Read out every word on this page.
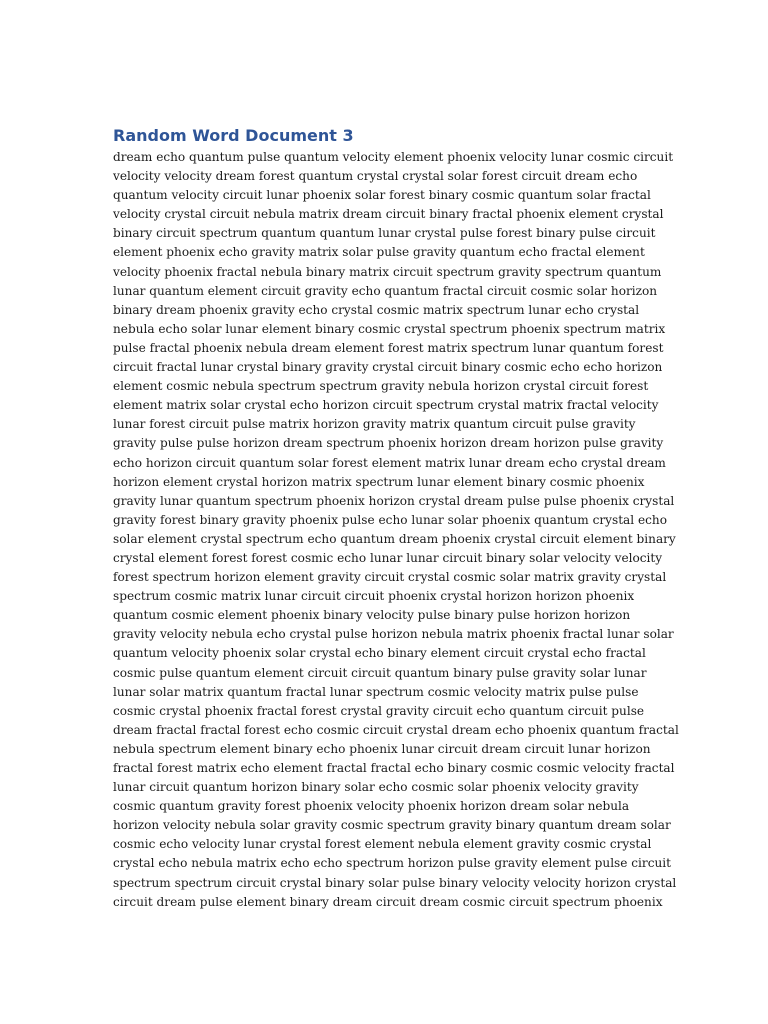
Random Word Document 3
dream echo quantum pulse quantum velocity element phoenix velocity lunar cosmic circuit
velocity velocity dream forest quantum crystal crystal solar forest circuit dream echo
quantum velocity circuit lunar phoenix solar forest binary cosmic quantum solar fractal
velocity crystal circuit nebula matrix dream circuit binary fractal phoenix element crystal
binary circuit spectrum quantum quantum lunar crystal pulse forest binary pulse circuit
element phoenix echo gravity matrix solar pulse gravity quantum echo fractal element
velocity phoenix fractal nebula binary matrix circuit spectrum gravity spectrum quantum
lunar quantum element circuit gravity echo quantum fractal circuit cosmic solar horizon
binary dream phoenix gravity echo crystal cosmic matrix spectrum lunar echo crystal
nebula echo solar lunar element binary cosmic crystal spectrum phoenix spectrum matrix
pulse fractal phoenix nebula dream element forest matrix spectrum lunar quantum forest
circuit fractal lunar crystal binary gravity crystal circuit binary cosmic echo echo horizon
element cosmic nebula spectrum spectrum gravity nebula horizon crystal circuit forest
element matrix solar crystal echo horizon circuit spectrum crystal matrix fractal velocity
lunar forest circuit pulse matrix horizon gravity matrix quantum circuit pulse gravity
gravity pulse pulse horizon dream spectrum phoenix horizon dream horizon pulse gravity
echo horizon circuit quantum solar forest element matrix lunar dream echo crystal dream
horizon element crystal horizon matrix spectrum lunar element binary cosmic phoenix
gravity lunar quantum spectrum phoenix horizon crystal dream pulse pulse phoenix crystal
gravity forest binary gravity phoenix pulse echo lunar solar phoenix quantum crystal echo
solar element crystal spectrum echo quantum dream phoenix crystal circuit element binary
crystal element forest forest cosmic echo lunar lunar circuit binary solar velocity velocity
forest spectrum horizon element gravity circuit crystal cosmic solar matrix gravity crystal
spectrum cosmic matrix lunar circuit circuit phoenix crystal horizon horizon phoenix
quantum cosmic element phoenix binary velocity pulse binary pulse horizon horizon
gravity velocity nebula echo crystal pulse horizon nebula matrix phoenix fractal lunar solar
quantum velocity phoenix solar crystal echo binary element circuit crystal echo fractal
cosmic pulse quantum element circuit circuit quantum binary pulse gravity solar lunar
lunar solar matrix quantum fractal lunar spectrum cosmic velocity matrix pulse pulse
cosmic crystal phoenix fractal forest crystal gravity circuit echo quantum circuit pulse
dream fractal fractal forest echo cosmic circuit crystal dream echo phoenix quantum fractal
nebula spectrum element binary echo phoenix lunar circuit dream circuit lunar horizon
fractal forest matrix echo element fractal fractal echo binary cosmic cosmic velocity fractal
lunar circuit quantum horizon binary solar echo cosmic solar phoenix velocity gravity
cosmic quantum gravity forest phoenix velocity phoenix horizon dream solar nebula
horizon velocity nebula solar gravity cosmic spectrum gravity binary quantum dream solar
cosmic echo velocity lunar crystal forest element nebula element gravity cosmic crystal
crystal echo nebula matrix echo echo spectrum horizon pulse gravity element pulse circuit
spectrum spectrum circuit crystal binary solar pulse binary velocity velocity horizon crystal
circuit dream pulse element binary dream circuit dream cosmic circuit spectrum phoenix
